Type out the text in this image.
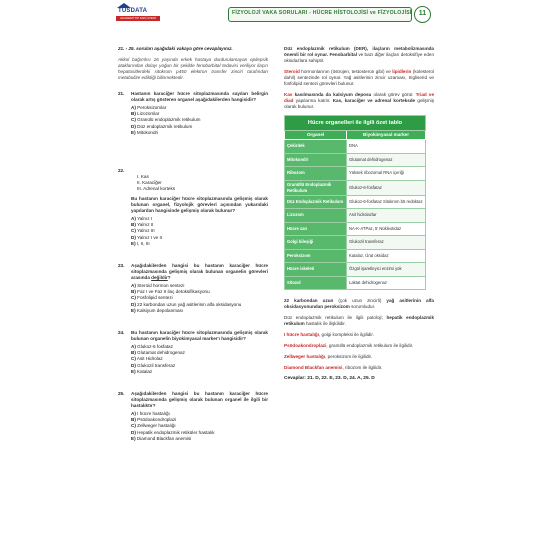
TUSDATA
AKADEMİ TIP FAKÜLTESİ
FİZYOLOJİ VAKA SORULARI - HÜCRE HİSTOLOJİSİ ve FİZYOLOJİSİ	11
21. - 25. soruları aşağıdaki vakaya göre cevaplayınız.
Akkol bağımlısı 26 yaşında erkek hastaya durdurulamayan epilepsik ataklarından dolayı yoğun bir şekilde fenobarbital tedavisi veriliyor ilaçın hepatositlerdeki sitokrom p450 elektron transfer zinciri tarafından metabolize edildiği bilinmektedir.
21. Hastanın karaciğer hücre sitoplazmasında sayıları belirgin olarak artış gösteren organel aşağıdakilerden hangisidir?
A) Peroksizomlar
B) Lizozomlar
C) Granülü endoplazmik retikulum
D) Düz endoplazmik retikulum
E) Mitokondri
22.
I. Kas
II. Karaciğer
III. Adrenal korteks
Bu hastanın karaciğer hücre sitoplazmasında gelişmiş olarak bulunan organel, fizyolojik görevleri açısından yukarıdaki yapılardan hangisinde gelişmiş olarak bulunur?
A) Yalnız I
B) Yalnız II
C) Yalnız III
D) Yalnız I ve II
E) I, II, III
23. Aşağıdakilerden hangisi bu hastanın karaciğer hücre sitoplazmasında gelişmiş olarak bulunan organelin görevleri arasında değildir?
A) Steroid hormon sentezi
B) Faz I ve Faz II ilaç detoksifikasyonu
C) Fosfolipid sentezi
D) 22 karbondan uzun yağ asitlerinin alfa oksidasyonu
E) Kalsiyum depolanması
24. Bu hastanın karaciğer hücre sitoplazmasında gelişmiş olarak bulunan organelin biyokimyasal marker'ı hangisidir?
A) Glukoz-6 fosfataz
B) Glutamat dehidrogenaz
C) Asit Hidrolaz
D) Glukozil transferaz
E) Katalaz
25. Aşağıdakilerden hangisi bu hastanın karaciğer hücre sitoplazmasında gelişmiş olarak bulunan organel ile ilgili bir hastalıktır?
A) I hücre hastalığı
B) Psödoakondroplazi
C) Zellweger hastalığı
D) Hepatik endoplazmik retiküler hastalık
E) Diamond Blackfan anemisi
Düz endoplazmik retikulum (DER), ilaçların metabolizmasında önemli bir rol oynar. Fenobarbital ve bazı diğer ilaçları detoksifiye eden oksidazlara sahiptir.
Steroid hormonlarının (östrojen, testosteron gibi) ve lipidlerin (kolesterol dahil) sentezinde rol oynar. Yağ asitlerinin zincir uzaması, trigliserid ve fosfolipid sentezi görevleri bulunur.
Kas kasılmasında da kalsiyum deposu olarak görev görür. Triad ve diad yapılarına katılır. Kas, karaciğer ve adrenal korteksde gelişmiş olarak bulunur.
Hücre organelleri ile ilgili özet tablo	
Organel	Biyokimyasal marker
Çekirdek	DNA
Mitokondri	Glutamat dehidrogenaz
Ribozom	Yüksek ribozomal RNA içeriği
Granüllü Endoplazmik Retikulum	Glukoz-6-fosfataz
Düz Endoplazmik Retikulum	Glukoz-6-fosfataz Sitokrom b5 redüktaz
Lizozom	Asit hidrolazlar
Hücre zarı	NA-K-ATPaz, 5' Nükleotidaz
Golgi bileşiği	Glukozil transferaz
Peroksizom	Katalaz, Ürat oksidaz
Hücre iskeleti	Özgül işaretleyici enzimi yok
Sitozol	Laktat dehidrogenaz
22 karbondan uzun (çok uzun zincirli) yağ asitlerinin alfa oksidasyonundan peroksizom sorumludur.
Düz endoplazmik retikulum ile ilgili patoloji; hepatik endoplazmik retikulum hastalık ile ilişkilidir.
I hücre hastalığı, golgi kompleksi ile ilgilidir.
Psödoakondroplazi, granüllü endoplazmik retikulum ile ilgilidir.
Zellweger hastalığı, peroksizom ile ilgilidir.
Diamond Blackfan anemisi, ribozom ile ilgilidir.
Cevaplar: 21. D, 22. E, 23. D, 24. A, 25. D
